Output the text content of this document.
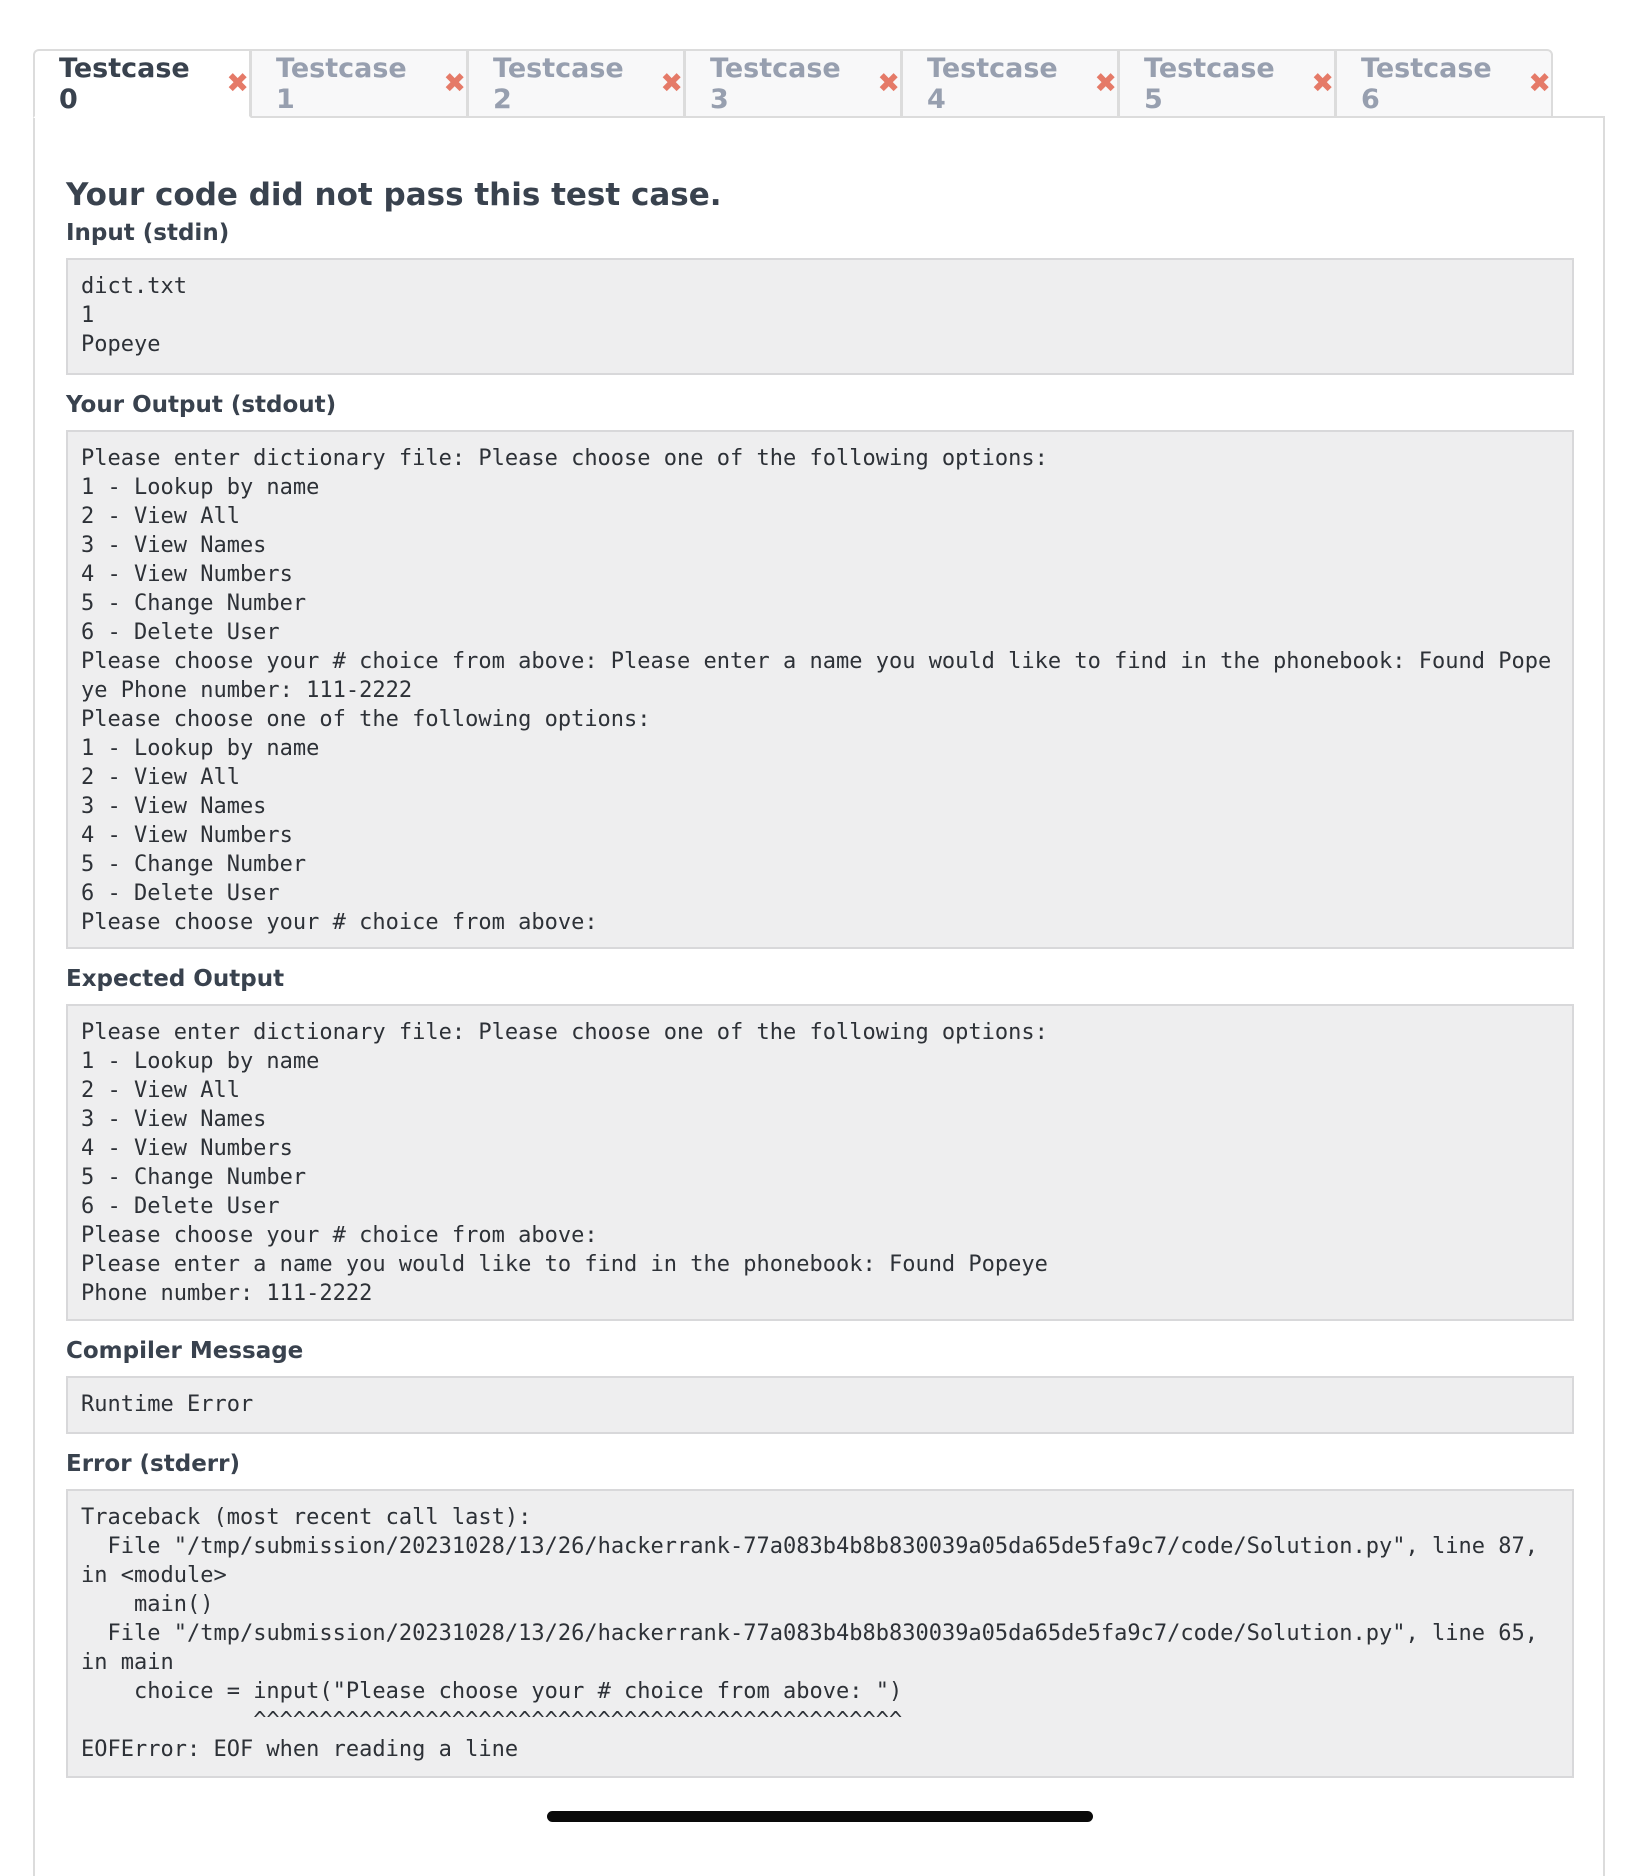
Testcase 0	✖ Testcase 1	✖ Testcase 2	✖ Testcase 3	✖ Testcase 4	✖ Testcase 5	✖ Testcase 6	✖
Your code did not pass this test case.
Input (stdin)
dict.txt
1
Popeye
Your Output (stdout)
Please enter dictionary file: Please choose one of the following options:
1 - Lookup by name
2 - View All
3 - View Names
4 - View Numbers
5 - Change Number
6 - Delete User
Please choose your # choice from above: Please enter a name you would like to find in the phonebook: Found Popeye Phone number: 111-2222
Please choose one of the following options:
1 - Lookup by name
2 - View All
3 - View Names
4 - View Numbers
5 - Change Number
6 - Delete User
Please choose your # choice from above:
Expected Output
Please enter dictionary file: Please choose one of the following options:
1 - Lookup by name
2 - View All
3 - View Names
4 - View Numbers
5 - Change Number
6 - Delete User
Please choose your # choice from above:
Please enter a name you would like to find in the phonebook: Found Popeye
Phone number: 111-2222
Compiler Message
Runtime Error
Error (stderr)
Traceback (most recent call last):
File "/tmp/submission/20231028/13/26/hackerrank-77a083b4b8b830039a05da65de5fa9c7/code/Solution.py", line 87, in <module>
main()
File "/tmp/submission/20231028/13/26/hackerrank-77a083b4b8b830039a05da65de5fa9c7/code/Solution.py", line 65, in main
choice = input("Please choose your # choice from above: ")
^^^^^^^^^^^^^^^^^^^^^^^^^^^^^^^^^^^^^^^^^^^^^^^^^
EOFError: EOF when reading a line
